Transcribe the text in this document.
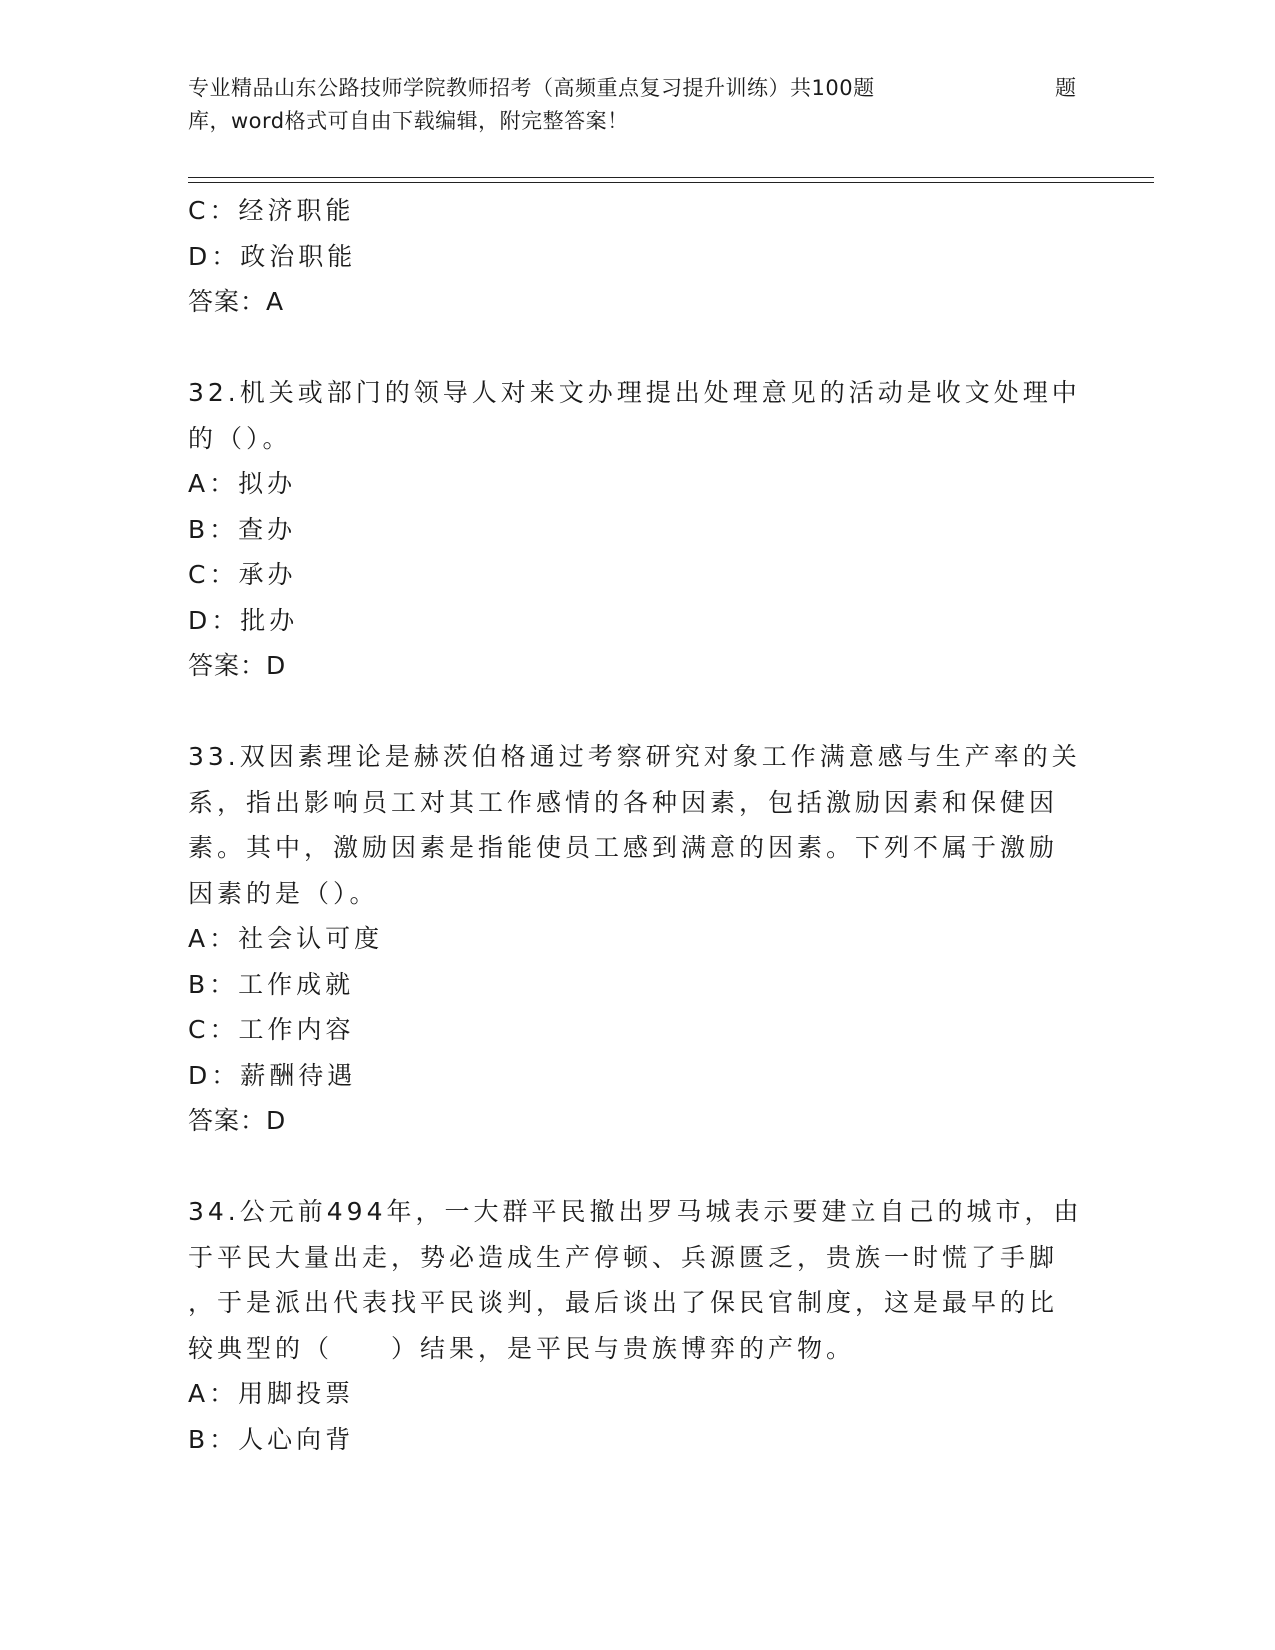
专业精品山东公路技师学院教师招考（高频重点复习提升训练）共100题	题
库，word格式可自由下载编辑，附完整答案！
C：经济职能
D：政治职能
答案：A
32.机关或部门的领导人对来文办理提出处理意见的活动是收文处理中
的（）。
A：拟办
B：查办
C：承办
D：批办
答案：D
33.双因素理论是赫茨伯格通过考察研究对象工作满意感与生产率的关
系，指出影响员工对其工作感情的各种因素，包括激励因素和保健因
素。其中，激励因素是指能使员工感到满意的因素。下列不属于激励
因素的是（）。
A：社会认可度
B：工作成就
C：工作内容
D：薪酬待遇
答案：D
34.公元前494年，一大群平民撤出罗马城表示要建立自己的城市，由
于平民大量出走，势必造成生产停顿、兵源匮乏，贵族一时慌了手脚
，于是派出代表找平民谈判，最后谈出了保民官制度，这是最早的比
较典型的（　　）结果，是平民与贵族博弈的产物。
A：用脚投票
B：人心向背
